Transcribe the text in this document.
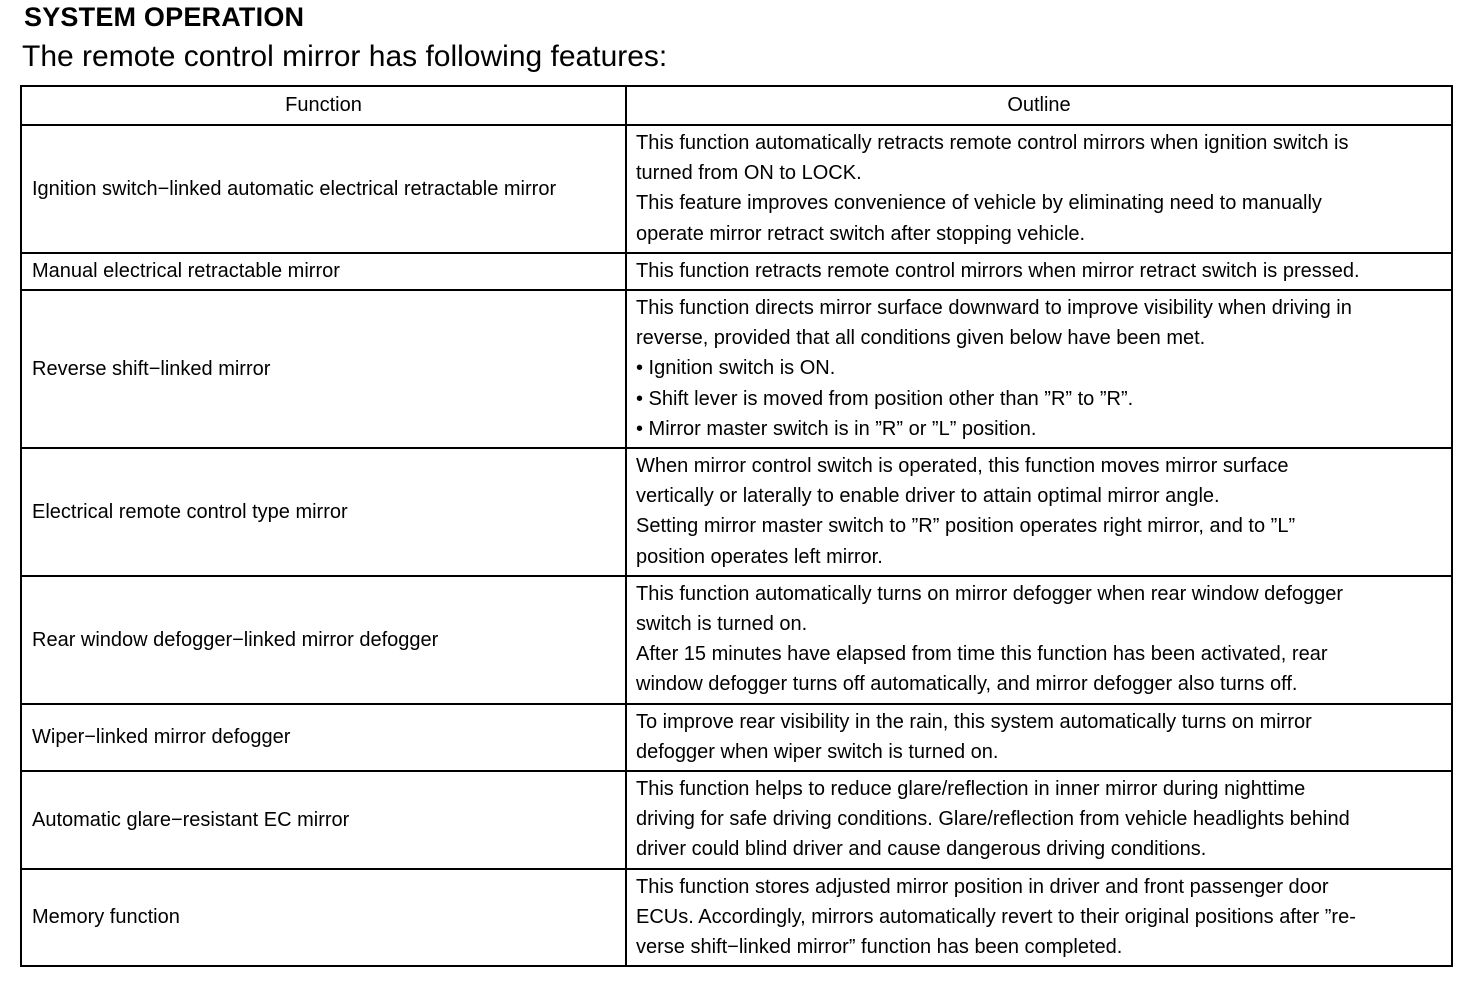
SYSTEM OPERATION
The remote control mirror has following features:
Function	Outline
Ignition switch−linked automatic electrical retractable mirror	This function automatically retracts remote control mirrors when ignition switch is
turned from ON to LOCK.
This feature improves convenience of vehicle by eliminating need to manually
operate mirror retract switch after stopping vehicle.

Manual electrical retractable mirror	This function retracts remote control mirrors when mirror retract switch is pressed.

Reverse shift−linked mirror	This function directs mirror surface downward to improve visibility when driving in
reverse, provided that all conditions given below have been met.
• Ignition switch is ON.
• Shift lever is moved from position other than ”R” to ”R”.
• Mirror master switch is in ”R” or ”L” position.

Electrical remote control type mirror	When mirror control switch is operated, this function moves mirror surface
vertically or laterally to enable driver to attain optimal mirror angle.
Setting mirror master switch to ”R” position operates right mirror, and to ”L”
position operates left mirror.

Rear window defogger−linked mirror defogger	This function automatically turns on mirror defogger when rear window defogger
switch is turned on.
After 15 minutes have elapsed from time this function has been activated, rear
window defogger turns off automatically, and mirror defogger also turns off.

Wiper−linked mirror defogger	To improve rear visibility in the rain, this system automatically turns on mirror
defogger when wiper switch is turned on.

Automatic glare−resistant EC mirror	This function helps to reduce glare/reflection in inner mirror during nighttime
driving for safe driving conditions. Glare/reflection from vehicle headlights behind
driver could blind driver and cause dangerous driving conditions.

Memory function	This function stores adjusted mirror position in driver and front passenger door
ECUs. Accordingly, mirrors automatically revert to their original positions after ”re-
verse shift−linked mirror” function has been completed.
